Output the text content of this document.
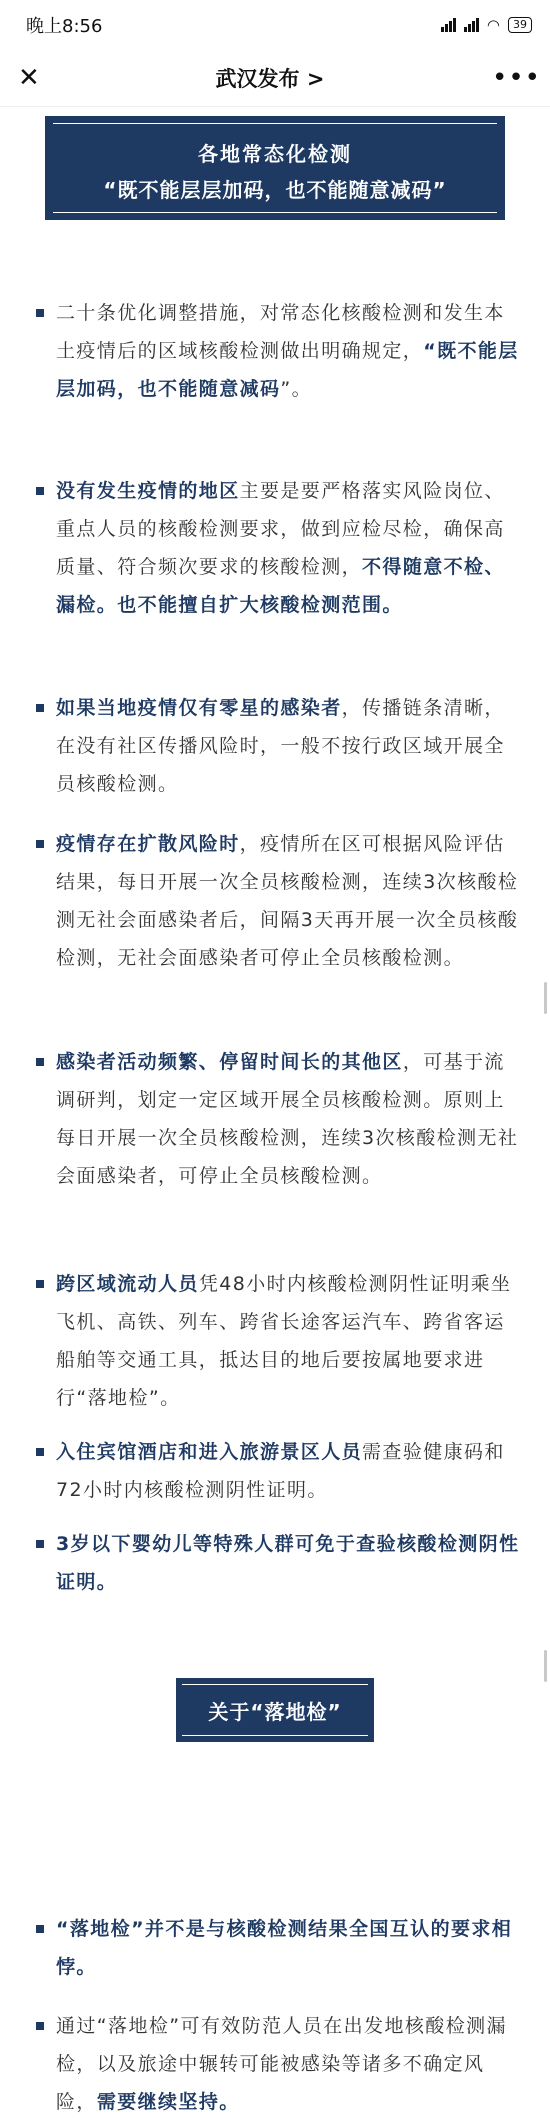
晚上8:56	◠	39
✕	武汉发布 >	•••
各地常态化检测
“既不能层层加码，也不能随意减码”
二十条优化调整措施，对常态化核酸检测和发生本土疫情后的区域核酸检测做出明确规定，“既不能层层加码，也不能随意减码”。
没有发生疫情的地区主要是要严格落实风险岗位、重点人员的核酸检测要求，做到应检尽检，确保高质量、符合频次要求的核酸检测，不得随意不检、漏检。也不能擅自扩大核酸检测范围。
如果当地疫情仅有零星的感染者，传播链条清晰，在没有社区传播风险时，一般不按行政区域开展全员核酸检测。
疫情存在扩散风险时，疫情所在区可根据风险评估结果，每日开展一次全员核酸检测，连续3次核酸检测无社会面感染者后，间隔3天再开展一次全员核酸检测，无社会面感染者可停止全员核酸检测。
感染者活动频繁、停留时间长的其他区，可基于流调研判，划定一定区域开展全员核酸检测。原则上每日开展一次全员核酸检测，连续3次核酸检测无社会面感染者，可停止全员核酸检测。
跨区域流动人员凭48小时内核酸检测阴性证明乘坐飞机、高铁、列车、跨省长途客运汽车、跨省客运船舶等交通工具，抵达目的地后要按属地要求进行“落地检”。
入住宾馆酒店和进入旅游景区人员需查验健康码和72小时内核酸检测阴性证明。
3岁以下婴幼儿等特殊人群可免于查验核酸检测阴性证明。
“落地检”并不是与核酸检测结果全国互认的要求相悖。
通过“落地检”可有效防范人员在出发地核酸检测漏检，以及旅途中辗转可能被感染等诸多不确定风险，需要继续坚持。
关于“落地检”
